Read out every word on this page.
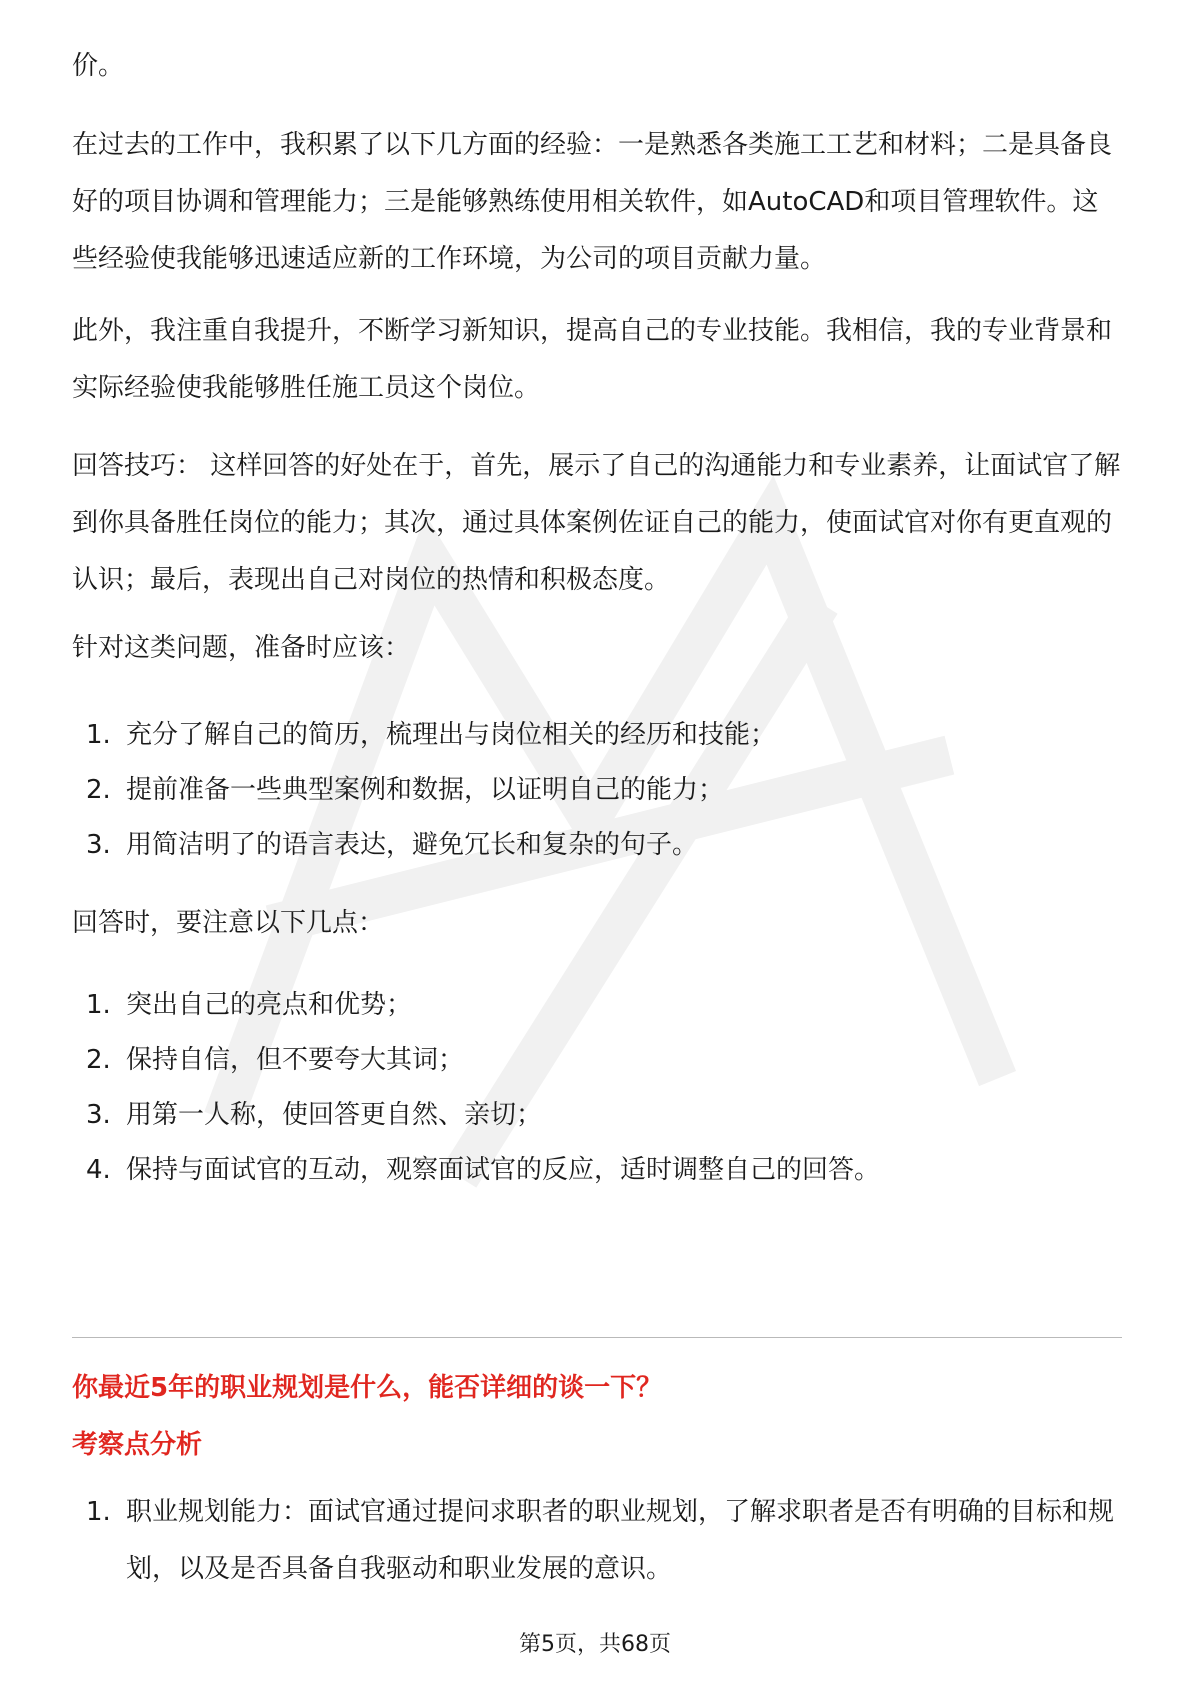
价。

在过去的工作中，我积累了以下几方面的经验：一是熟悉各类施工工艺和材料；二是具备良好的项目协调和管理能力；三是能够熟练使用相关软件，如AutoCAD和项目管理软件。这些经验使我能够迅速适应新的工作环境，为公司的项目贡献力量。

此外，我注重自我提升，不断学习新知识，提高自己的专业技能。我相信，我的专业背景和实际经验使我能够胜任施工员这个岗位。

回答技巧： 这样回答的好处在于，首先，展示了自己的沟通能力和专业素养，让面试官了解到你具备胜任岗位的能力；其次，通过具体案例佐证自己的能力，使面试官对你有更直观的认识；最后，表现出自己对岗位的热情和积极态度。

针对这类问题，准备时应该：

1. 充分了解自己的简历，梳理出与岗位相关的经历和技能；
2. 提前准备一些典型案例和数据，以证明自己的能力；
3. 用简洁明了的语言表达，避免冗长和复杂的句子。

回答时，要注意以下几点：

1. 突出自己的亮点和优势；
2. 保持自信，但不要夸大其词；
3. 用第一人称，使回答更自然、亲切；
4. 保持与面试官的互动，观察面试官的反应，适时调整自己的回答。
你最近5年的职业规划是什么，能否详细的谈一下？
考察点分析
1. 职业规划能力：面试官通过提问求职者的职业规划，了解求职者是否有明确的目标和规划，以及是否具备自我驱动和职业发展的意识。
第5页，共68页
